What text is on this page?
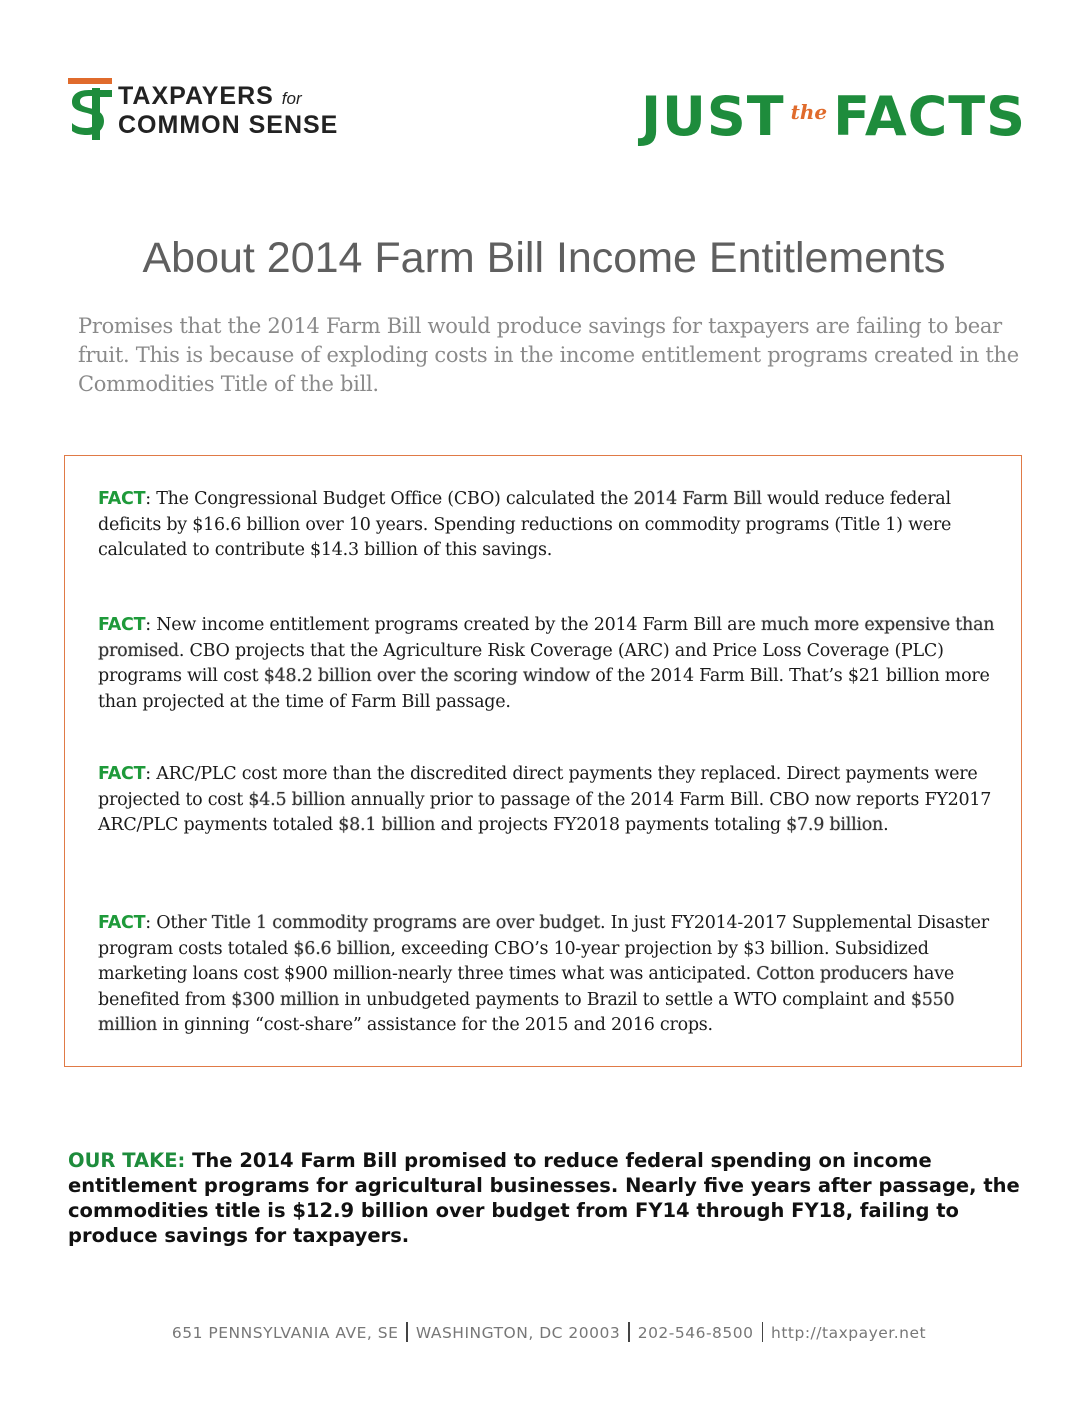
TAXPAYERS for
COMMON SENSE	JUST $^{the}$ FACTS
About 2014 Farm Bill Income Entitlements

Promises that the 2014 Farm Bill would produce savings for taxpayers are failing to bear fruit. This is because of exploding costs in the income entitlement programs created in the Commodities Title of the bill.

FACT: The Congressional Budget Office (CBO) calculated the 2014 Farm Bill would reduce federal deficits by $16.6 billion over 10 years. Spending reductions on commodity programs (Title 1) were calculated to contribute $14.3 billion of this savings.

FACT: New income entitlement programs created by the 2014 Farm Bill are much more expensive than promised. CBO projects that the Agriculture Risk Coverage (ARC) and Price Loss Coverage (PLC) programs will cost $48.2 billion over the scoring window of the 2014 Farm Bill. That’s $21 billion more than projected at the time of Farm Bill passage.

FACT: ARC/PLC cost more than the discredited direct payments they replaced. Direct payments were projected to cost $4.5 billion annually prior to passage of the 2014 Farm Bill. CBO now reports FY2017 ARC/PLC payments totaled $8.1 billion and projects FY2018 payments totaling $7.9 billion.

FACT: Other Title 1 commodity programs are over budget. In just FY2014-2017 Supplemental Disaster program costs totaled $6.6 billion, exceeding CBO’s 10-year projection by $3 billion. Subsidized marketing loans cost $900 million-nearly three times what was anticipated. Cotton producers have benefited from $300 million in unbudgeted payments to Brazil to settle a WTO complaint and $550 million in ginning “cost-share” assistance for the 2015 and 2016 crops.

OUR TAKE: The 2014 Farm Bill promised to reduce federal spending on income entitlement programs for agricultural businesses. Nearly five years after passage, the commodities title is $12.9 billion over budget from FY14 through FY18, failing to produce savings for taxpayers.

651 PENNSYLVANIA AVE, SE WASHINGTON, DC 20003 202-546-8500 http://taxpayer.net
